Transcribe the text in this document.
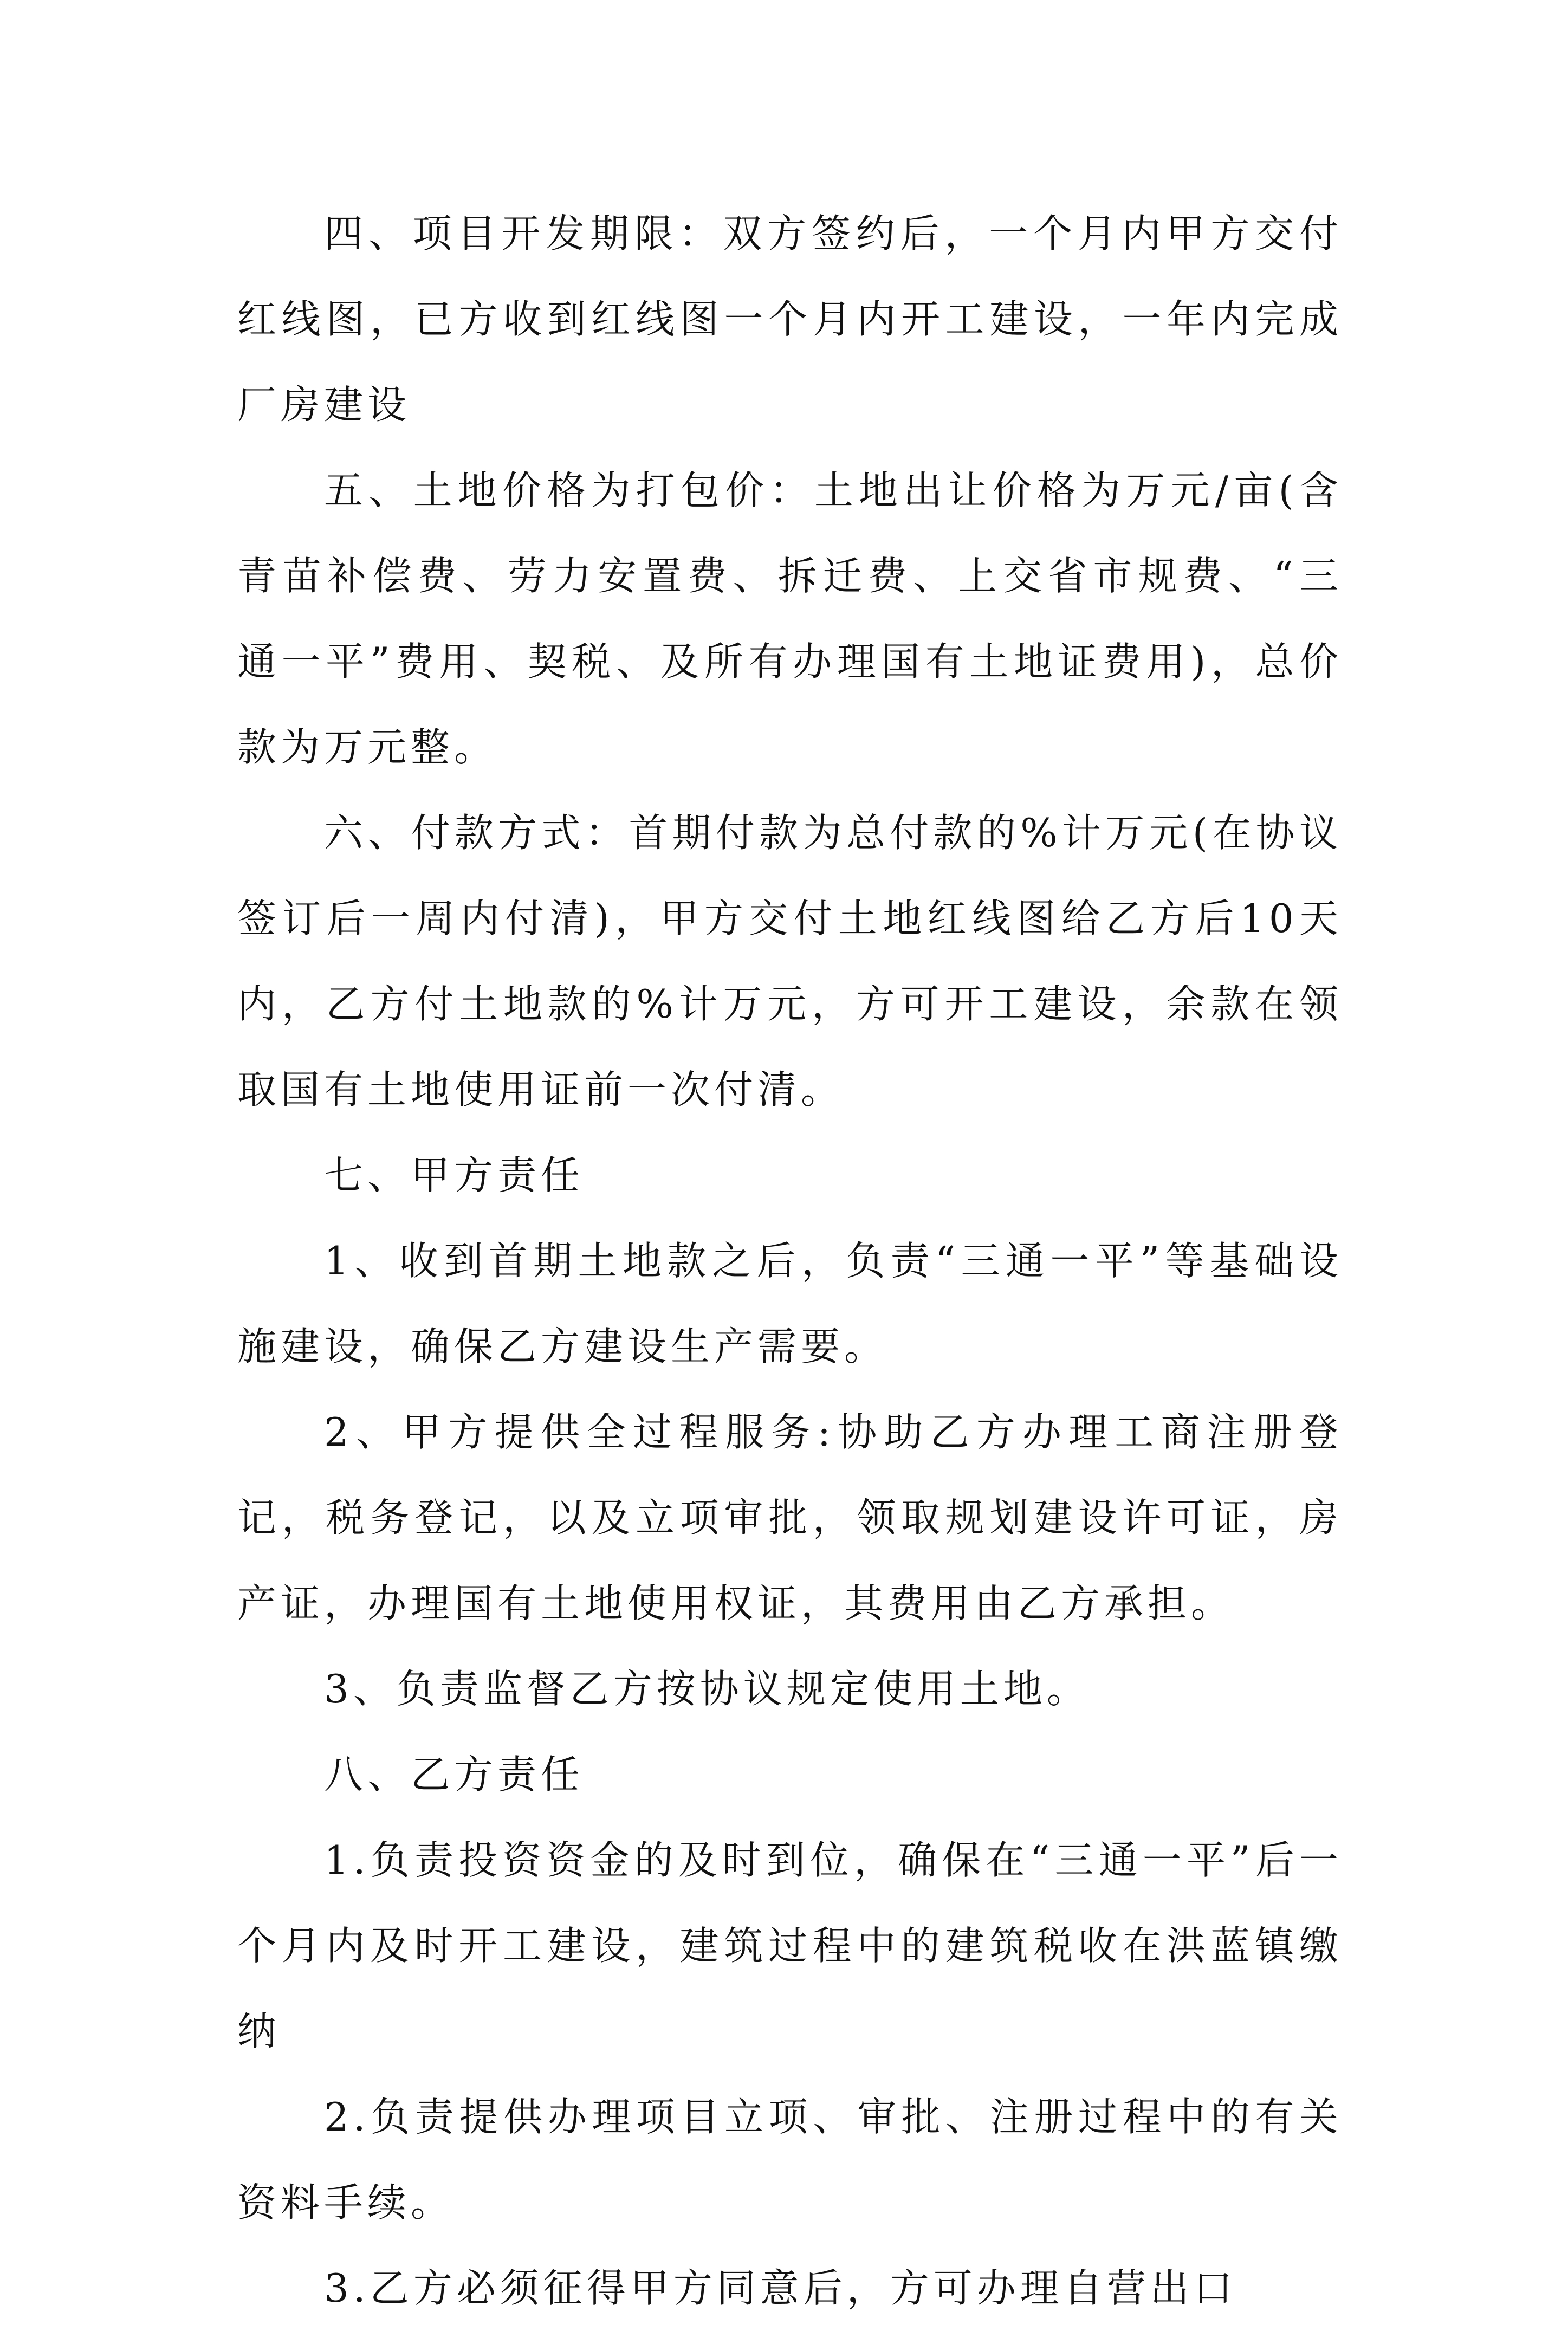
四、项目开发期限：双方签约后，一个月内甲方交付红线图，已方收到红线图一个月内开工建设，一年内完成厂房建设

五、土地价格为打包价：土地出让价格为万元/亩(含青苗补偿费、劳力安置费、拆迁费、上交省市规费、“三通一平”费用、契税、及所有办理国有土地证费用)，总价款为万元整。

六、付款方式：首期付款为总付款的%计万元(在协议签订后一周内付清)，甲方交付土地红线图给乙方后10天内，乙方付土地款的%计万元，方可开工建设，余款在领取国有土地使用证前一次付清。

七、甲方责任

1、收到首期土地款之后，负责“三通一平”等基础设施建设，确保乙方建设生产需要。

2、甲方提供全过程服务:协助乙方办理工商注册登记，税务登记，以及立项审批，领取规划建设许可证，房产证，办理国有土地使用权证，其费用由乙方承担。

3、负责监督乙方按协议规定使用土地。

八、乙方责任

1.负责投资资金的及时到位，确保在“三通一平”后一个月内及时开工建设，建筑过程中的建筑税收在洪蓝镇缴纳

2.负责提供办理项目立项、审批、注册过程中的有关资料手续。

3.乙方必须征得甲方同意后，方可办理自营出口
